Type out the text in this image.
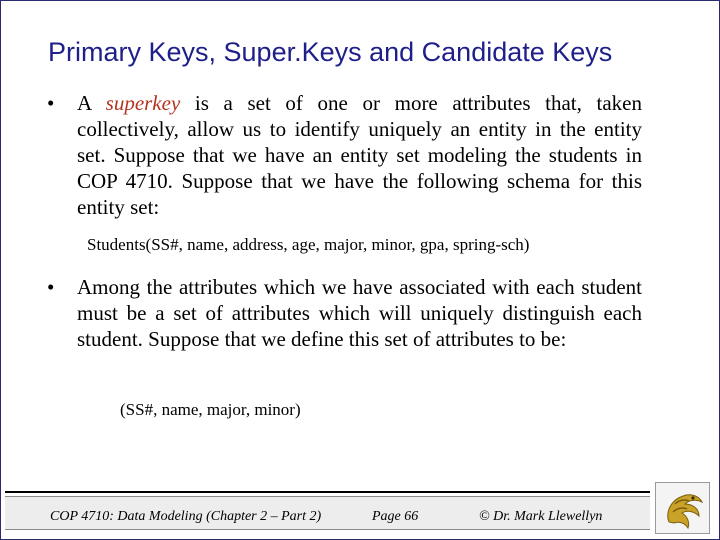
Primary Keys, Super.Keys and Candidate Keys
• A superkey is a set of one or more attributes that, taken collectively, allow us to identify uniquely an entity in the entity set. Suppose that we have an entity set modeling the students in COP 4710. Suppose that we have the following schema for this entity set:
Students(SS#, name, address, age, major, minor, gpa, spring-sch)
• Among the attributes which we have associated with each student must be a set of attributes which will uniquely distinguish each student. Suppose that we define this set of attributes to be:
(SS#, name, major, minor)
COP 4710: Data Modeling (Chapter 2 – Part 2)	Page 66	© Dr. Mark Llewellyn
